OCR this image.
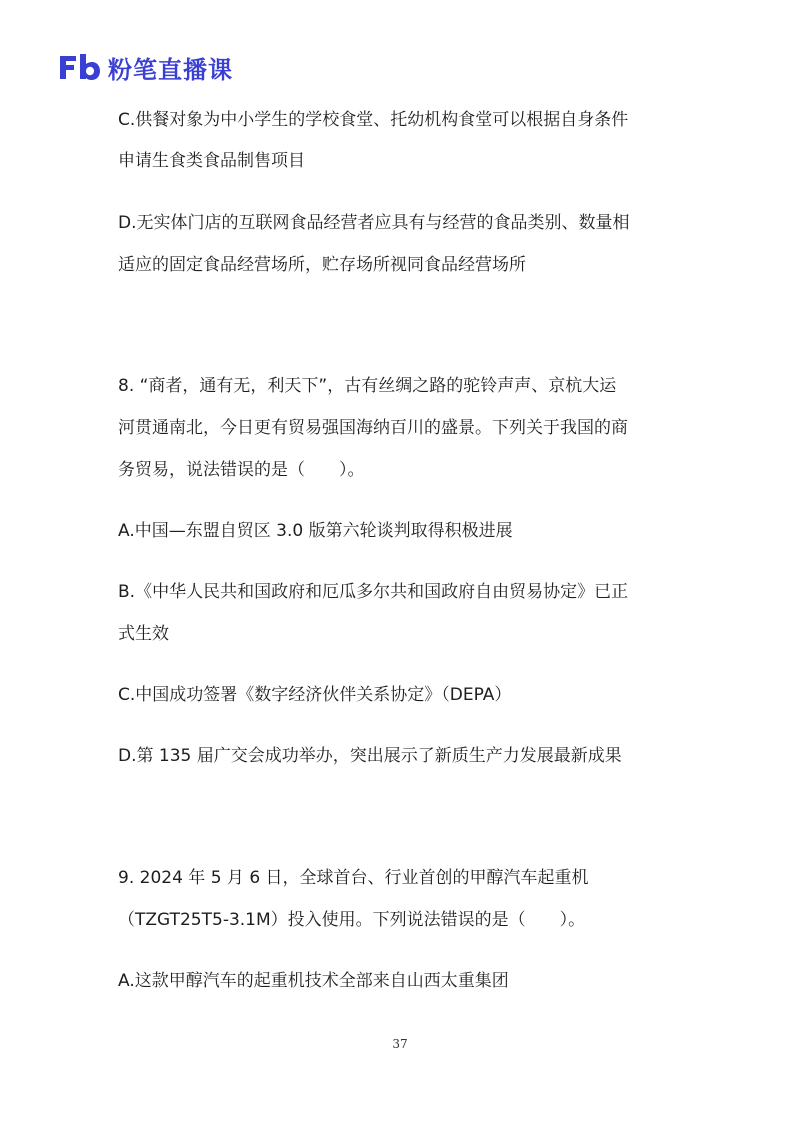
粉笔直播课
C.供餐对象为中小学生的学校食堂、托幼机构食堂可以根据自身条件
申请生食类食品制售项目
D.无实体门店的互联网食品经营者应具有与经营的食品类别、数量相
适应的固定食品经营场所，贮存场所视同食品经营场所
8. “商者，通有无，利天下”，古有丝绸之路的驼铃声声、京杭大运
河贯通南北，今日更有贸易强国海纳百川的盛景。下列关于我国的商
务贸易，说法错误的是（　　）。
A.中国—东盟自贸区 3.0 版第六轮谈判取得积极进展
B.《中华人民共和国政府和厄瓜多尔共和国政府自由贸易协定》已正
式生效
C.中国成功签署《数字经济伙伴关系协定》（DEPA）
D.第 135 届广交会成功举办，突出展示了新质生产力发展最新成果
9. 2024 年 5 月 6 日，全球首台、行业首创的甲醇汽车起重机
（TZGT25T5-3.1M）投入使用。下列说法错误的是（　　）。
A.这款甲醇汽车的起重机技术全部来自山西太重集团
37
